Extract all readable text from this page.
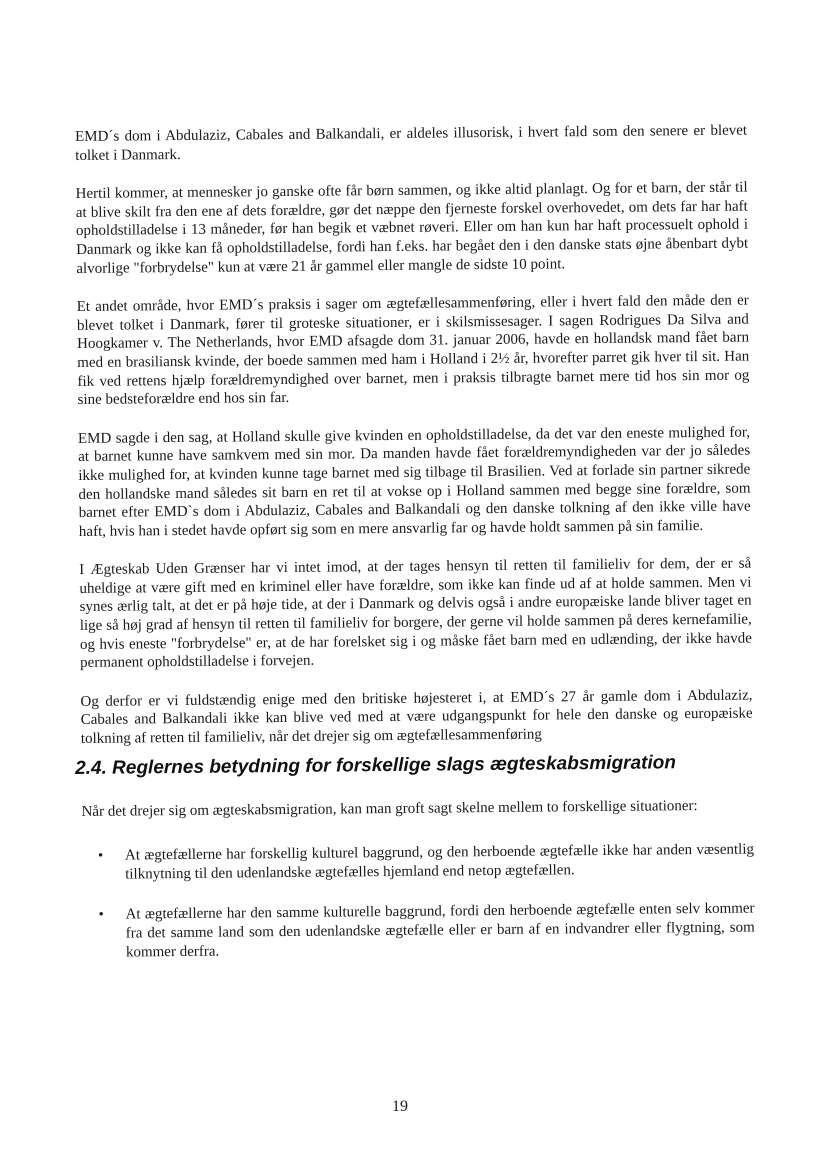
EMD´s dom i Abdulaziz, Cabales and Balkandali, er aldeles illusorisk, i hvert fald som den senere er blevet tolket i Danmark.

Hertil kommer, at mennesker jo ganske ofte får børn sammen, og ikke altid planlagt. Og for et barn, der står til at blive skilt fra den ene af dets forældre, gør det næppe den fjerneste forskel overhovedet, om dets far har haft opholdstilladelse i 13 måneder, før han begik et væbnet røveri. Eller om han kun har haft processuelt ophold i Danmark og ikke kan få opholdstilladelse, fordi han f.eks. har begået den i den danske stats øjne åbenbart dybt alvorlige "forbrydelse" kun at være 21 år gammel eller mangle de sidste 10 point.

Et andet område, hvor EMD´s praksis i sager om ægtefællesammenføring, eller i hvert fald den måde den er blevet tolket i Danmark, fører til groteske situationer, er i skilsmissesager. I sagen Rodrigues Da Silva and Hoogkamer v. The Netherlands, hvor EMD afsagde dom 31. januar 2006, havde en hollandsk mand fået barn med en brasiliansk kvinde, der boede sammen med ham i Holland i 2½ år, hvorefter parret gik hver til sit. Han fik ved rettens hjælp forældremyndighed over barnet, men i praksis tilbragte barnet mere tid hos sin mor og sine bedsteforældre end hos sin far.

EMD sagde i den sag, at Holland skulle give kvinden en opholdstilladelse, da det var den eneste mulighed for, at barnet kunne have samkvem med sin mor. Da manden havde fået forældremyndigheden var der jo således ikke mulighed for, at kvinden kunne tage barnet med sig tilbage til Brasilien. Ved at forlade sin partner sikrede den hollandske mand således sit barn en ret til at vokse op i Holland sammen med begge sine forældre, som barnet efter EMD`s dom i Abdulaziz, Cabales and Balkandali og den danske tolkning af den ikke ville have haft, hvis han i stedet havde opført sig som en mere ansvarlig far og havde holdt sammen på sin familie.

I Ægteskab Uden Grænser har vi intet imod, at der tages hensyn til retten til familieliv for dem, der er så uheldige at være gift med en kriminel eller have forældre, som ikke kan finde ud af at holde sammen. Men vi synes ærlig talt, at det er på høje tide, at der i Danmark og delvis også i andre europæiske lande bliver taget en lige så høj grad af hensyn til retten til familieliv for borgere, der gerne vil holde sammen på deres kernefamilie, og hvis eneste "forbrydelse" er, at de har forelsket sig i og måske fået barn med en udlænding, der ikke havde permanent opholdstilladelse i forvejen.

Og derfor er vi fuldstændig enige med den britiske højesteret i, at EMD´s 27 år gamle dom i Abdulaziz, Cabales and Balkandali ikke kan blive ved med at være udgangspunkt for hele den danske og europæiske tolkning af retten til familieliv, når det drejer sig om ægtefællesammenføring

2.4. Reglernes betydning for forskellige slags ægteskabsmigration

Når det drejer sig om ægteskabsmigration, kan man groft sagt skelne mellem to forskellige situationer:

• At ægtefællerne har forskellig kulturel baggrund, og den herboende ægtefælle ikke har anden væsentlig tilknytning til den udenlandske ægtefælles hjemland end netop ægtefællen.
• At ægtefællerne har den samme kulturelle baggrund, fordi den herboende ægtefælle enten selv kommer fra det samme land som den udenlandske ægtefælle eller er barn af en indvandrer eller flygtning, som kommer derfra.
19
